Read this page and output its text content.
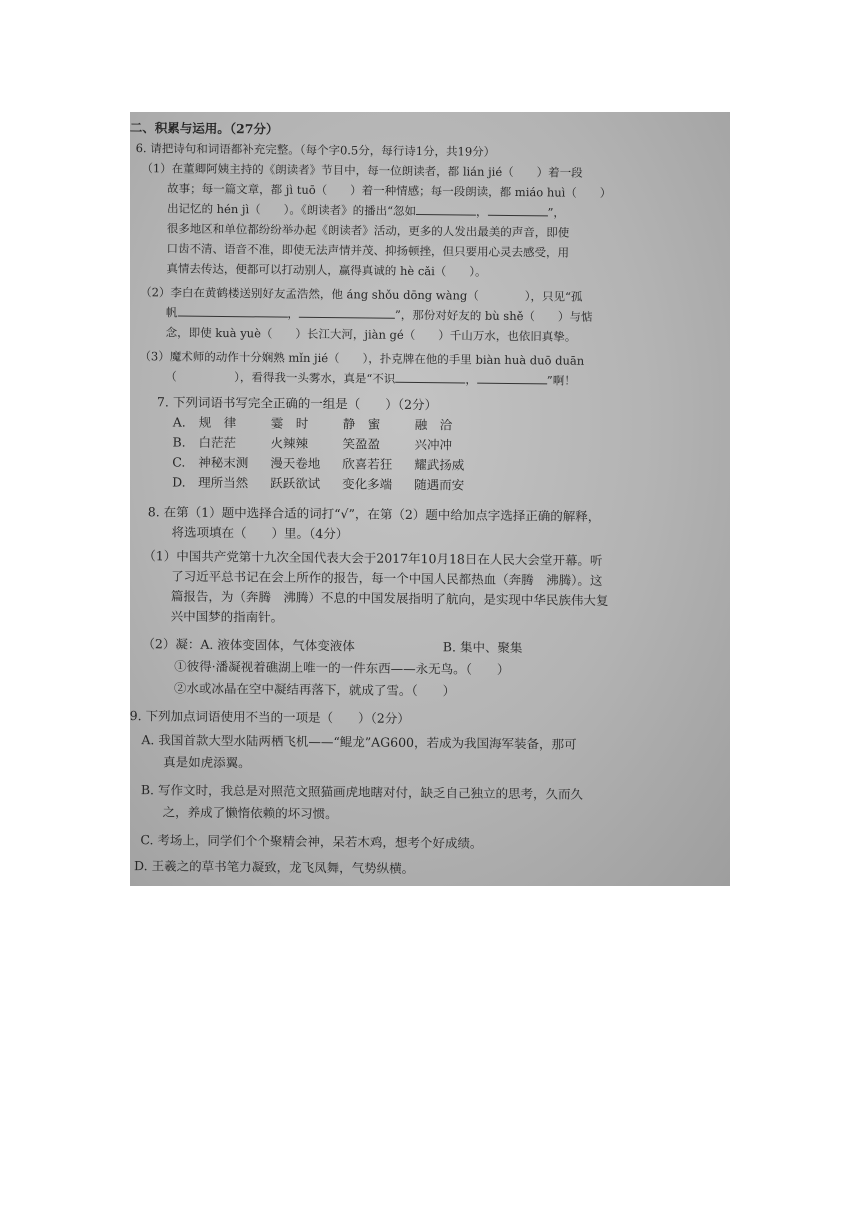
二、积累与运用。（27分）
6. 请把诗句和词语都补充完整。（每个字0.5分，每行诗1分，共19分）
（1）在董卿阿姨主持的《朗读者》节目中，每一位朗读者，都 lián jié（　　）着一段
故事；每一篇文章，都 jì tuō（　　）着一种情感；每一段朗读，都 miáo huì（　　）
出记忆的 hén jì（　　）。《朗读者》的播出“忽如	，	”，
很多地区和单位都纷纷举办起《朗读者》活动，更多的人发出最美的声音，即使
口齿不清、语音不准，即使无法声情并茂、抑扬顿挫，但只要用心灵去感受，用
真情去传达，便都可以打动别人，赢得真诚的 hè cǎi（　　）。
（2）李白在黄鹤楼送别好友孟浩然，他 áng shǒu dōng wàng（　　　　），只见“孤
帆	，	”，那份对好友的 bù shě（　　）与惦
念，即使 kuà yuè（　　）长江大河，jiàn gé（　　）千山万水，也依旧真挚。
（3）魔术师的动作十分娴熟 mǐn jié（　　），扑克牌在他的手里 biàn huà duō duān
（　　　　　），看得我一头雾水，真是“不识	，	”啊！
7. 下列词语书写完全正确的一组是（　　）（2分）
A. 规　律	霎　时	静　蜜	融　洽
B. 白茫茫	火辣辣	笑盈盈	兴冲冲
C. 神秘末测 漫天卷地 欣喜若狂 耀武扬威
D. 理所当然 跃跃欲试 变化多端 随遇而安
8. 在第（1）题中选择合适的词打“√”，在第（2）题中给加点字选择正确的解释，
将选项填在（　　）里。（4分）
（1）中国共产党第十九次全国代表大会于2017年10月18日在人民大会堂开幕。听
了习近平总书记在会上所作的报告，每一个中国人民都热血（奔腾　沸腾）。这
篇报告，为（奔腾　沸腾）不息的中国发展指明了航向，是实现中华民族伟大复
兴中国梦的指南针。
（2）凝：A. 液体变固体，气体变液体	B. 集中、聚集
①彼得·潘凝视着礁湖上唯一的一件东西——永无鸟。（　　）
②水或冰晶在空中凝结再落下，就成了雪。（　　）
9. 下列加点词语使用不当的一项是（　　）（2分）
A. 我国首款大型水陆两栖飞机——“鲲龙”AG600，若成为我国海军装备，那可
真是如虎添翼。
B. 写作文时，我总是对照范文照猫画虎地瞎对付，缺乏自己独立的思考，久而久
之，养成了懒惰依赖的坏习惯。
C. 考场上，同学们个个聚精会神，呆若木鸡，想考个好成绩。
D. 王羲之的草书笔力凝致，龙飞凤舞，气势纵横。
